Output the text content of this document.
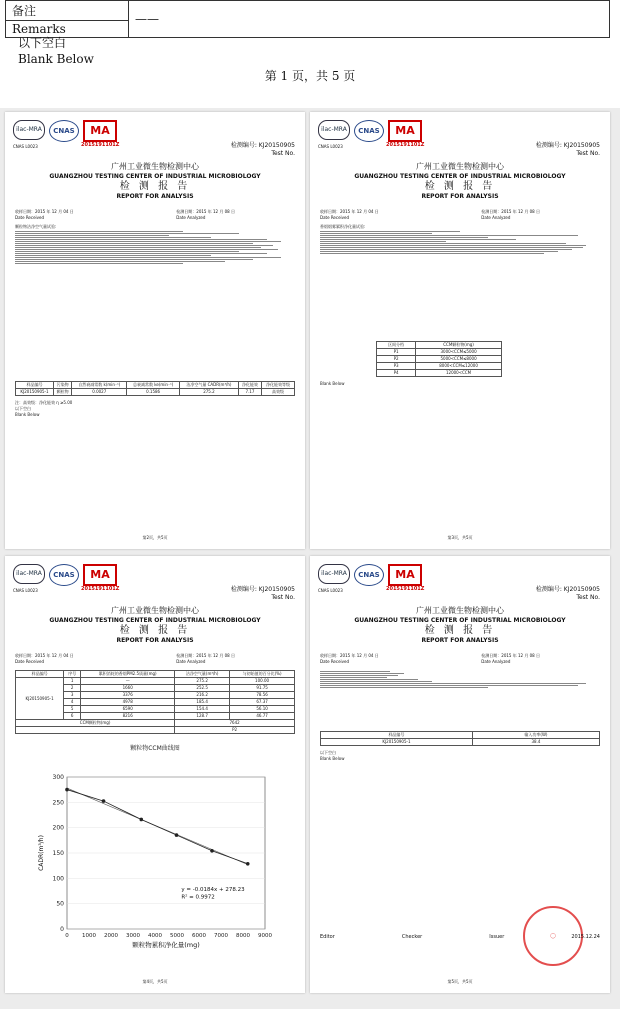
备注	——
Remarks
以下空白
Blank Below
第 1 页，共 5 页
ilac-MRA	CNAS	MA
CNAS L0023	2015191101Z	检测编号: KJ20150905
Test No.
广州工业微生物检测中心
GUANGZHOU TESTING CENTER OF INDUSTRIAL MICROBIOLOGY
检 测 报 告
REPORT FOR ANALYSIS
收样日期：2015 年 12 月 04 日
Date Received
检测日期：2015 年 12 月 08 日
Date Analyzed
颗粒物洁净空气量试验:
样品编号	污染物	自然衰减常数 k(min⁻¹)	总衰减常数 ke(min⁻¹)	洁净空气量 CADR(m³/h)	净化能效	净化能效等级
KJ20150905-1	颗粒物	0.0027	0.1586	275.2	7.17	高效级
注：高效级：净化能效 η ≥5.00
以下空白
Blank Below
第2页，共5页
ilac-MRA	CNAS	MA
CNAS L0023	2015191101Z	检测编号: KJ20150905
Test No.
广州工业微生物检测中心
GUANGZHOU TESTING CENTER OF INDUSTRIAL MICROBIOLOGY
检 测 报 告
REPORT FOR ANALYSIS
收样日期：2015 年 12 月 04 日
Date Received
检测日期：2015 年 12 月 08 日
Date Analyzed
香烟烟雾累积净化量试验:
区间分档	CCM颗粒物(mg)
P1	3000<CCM≤5000
P2	5000<CCM≤8000
P3	8000<CCM≤12000
P4	12000<CCM
Blank Below
第3页，共5页
ilac-MRA	CNAS	MA
CNAS L0023	2015191101Z	检测编号: KJ20150905
Test No.
广州工业微生物检测中心
GUANGZHOU TESTING CENTER OF INDUSTRIAL MICROBIOLOGY
检 测 报 告
REPORT FOR ANALYSIS
收样日期：2015 年 12 月 04 日
Date Received
检测日期：2015 年 12 月 08 日
Date Analyzed
样品编号	序号	累积消耗的香烟PM2.5质量(mg)	洁净空气量(m³/h)	与初始值的百分比(%)
KJ20150905-1	1	—	275.2	100.00
	2	1660	252.5	91.75
	3	3376	216.2	78.56
	4	4978	185.4	67.37
	5	6590	154.4	56.10
	6	8216	128.7	46.77
CCM颗粒物(mg)			7642	
			P2	
颗粒物CCM曲线图
0
50
100
150
200
250
300
0 1000 2000 3000 4000 5000 6000 7000 8000 9000
颗粒物累积净化量(mg)
CADR(m³/h)
y = -0.0184x + 278.23
R² = 0.9972
第4页，共5页
ilac-MRA	CNAS	MA
CNAS L0023	2015191101Z	检测编号: KJ20150905
Test No.
广州工业微生物检测中心
GUANGZHOU TESTING CENTER OF INDUSTRIAL MICROBIOLOGY
检 测 报 告
REPORT FOR ANALYSIS
收样日期：2015 年 12 月 04 日
Date Received
检测日期：2015 年 12 月 08 日
Date Analyzed
样品编号	输入功率(W)
KJ20150905-1	38.4
以下空白
Blank Below
◯
Editor	Checker	Issuer	2015.12.24
第5页，共5页
